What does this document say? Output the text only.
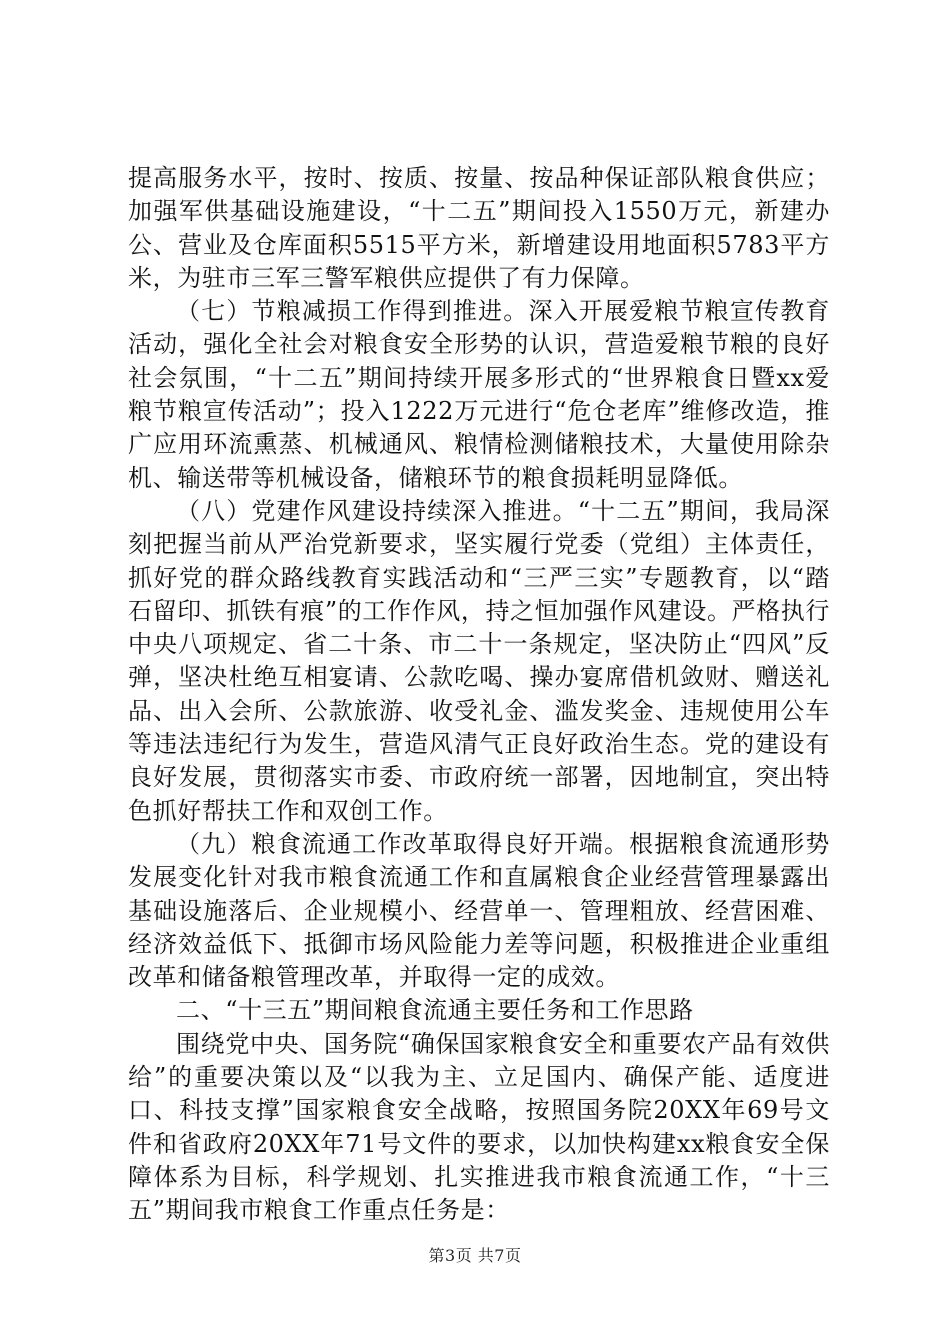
提高服务水平，按时、按质、按量、按品种保证部队粮食供应；加强军供基础设施建设，“十二五”期间投入1550万元，新建办公、营业及仓库面积5515平方米，新增建设用地面积5783平方米，为驻市三军三警军粮供应提供了有力保障。

（七）节粮减损工作得到推进。深入开展爱粮节粮宣传教育活动，强化全社会对粮食安全形势的认识，营造爱粮节粮的良好社会氛围，“十二五”期间持续开展多形式的“世界粮食日暨xx爱粮节粮宣传活动”；投入1222万元进行“危仓老库”维修改造，推广应用环流熏蒸、机械通风、粮情检测储粮技术，大量使用除杂机、输送带等机械设备，储粮环节的粮食损耗明显降低。

（八）党建作风建设持续深入推进。“十二五”期间，我局深刻把握当前从严治党新要求，坚实履行党委（党组）主体责任，抓好党的群众路线教育实践活动和“三严三实”专题教育，以“踏石留印、抓铁有痕”的工作作风，持之恒加强作风建设。严格执行中央八项规定、省二十条、市二十一条规定，坚决防止“四风”反弹，坚决杜绝互相宴请、公款吃喝、操办宴席借机敛财、赠送礼品、出入会所、公款旅游、收受礼金、滥发奖金、违规使用公车等违法违纪行为发生，营造风清气正良好政治生态。党的建设有良好发展，贯彻落实市委、市政府统一部署，因地制宜，突出特色抓好帮扶工作和双创工作。

（九）粮食流通工作改革取得良好开端。根据粮食流通形势发展变化针对我市粮食流通工作和直属粮食企业经营管理暴露出基础设施落后、企业规模小、经营单一、管理粗放、经营困难、经济效益低下、抵御市场风险能力差等问题，积极推进企业重组改革和储备粮管理改革，并取得一定的成效。

二、“十三五”期间粮食流通主要任务和工作思路

围绕党中央、国务院“确保国家粮食安全和重要农产品有效供给”的重要决策以及“以我为主、立足国内、确保产能、适度进口、科技支撑”国家粮食安全战略，按照国务院20XX年69号文件和省政府20XX年71号文件的要求，以加快构建xx粮食安全保障体系为目标，科学规划、扎实推进我市粮食流通工作，“十三五”期间我市粮食工作重点任务是：

第3页 共7页
